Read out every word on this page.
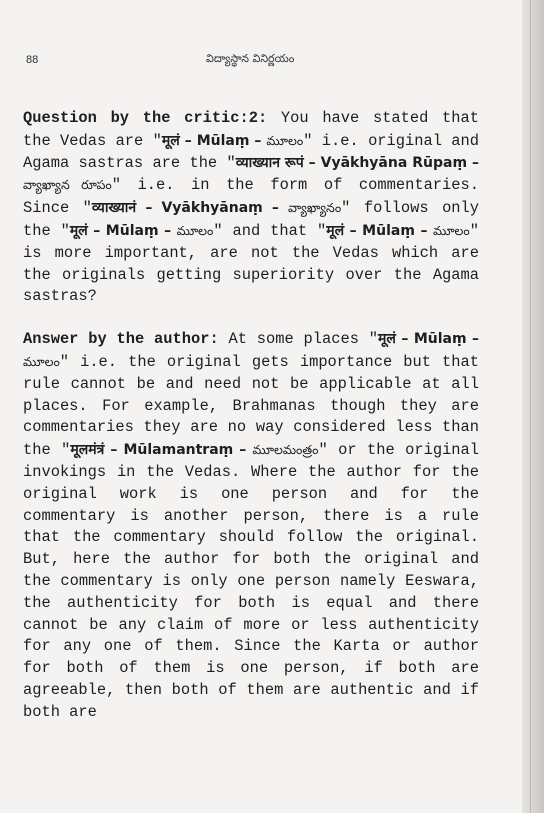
88	విద్యాస్థాన వినిర్ణయం

Question by the critic:2: You have stated that the Vedas are "मूलं – Mūlaṃ – మూలం" i.e. original and Agama sastras are the "व्याख्यान रूपं – Vyākhyāna Rūpaṃ – వ్యాఖ్యాన రూపం" i.e. in the form of commentaries. Since "व्याख्यानं – Vyākhyānaṃ – వ్యాఖ్యానం" follows only the "मूलं – Mūlaṃ – మూలం" and that "मूलं – Mūlaṃ – మూలం" is more important, are not the Vedas which are the originals getting superiority over the Agama sastras?

Answer by the author: At some places "मूलं – Mūlaṃ – మూలం" i.e. the original gets importance but that rule cannot be and need not be applicable at all places. For example, Brahmanas though they are commentaries they are no way considered less than the "मूलमंत्रं – Mūlamantraṃ – మూలమంత్రం" or the original invokings in the Vedas. Where the author for the original work is one person and for the commentary is another person, there is a rule that the commentary should follow the original. But, here the author for both the original and the commentary is only one person namely Eeswara, the authenticity for both is equal and there cannot be any claim of more or less authenticity for any one of them. Since the Karta or author for both of them is one person, if both are agreeable, then both of them are authentic and if both are
